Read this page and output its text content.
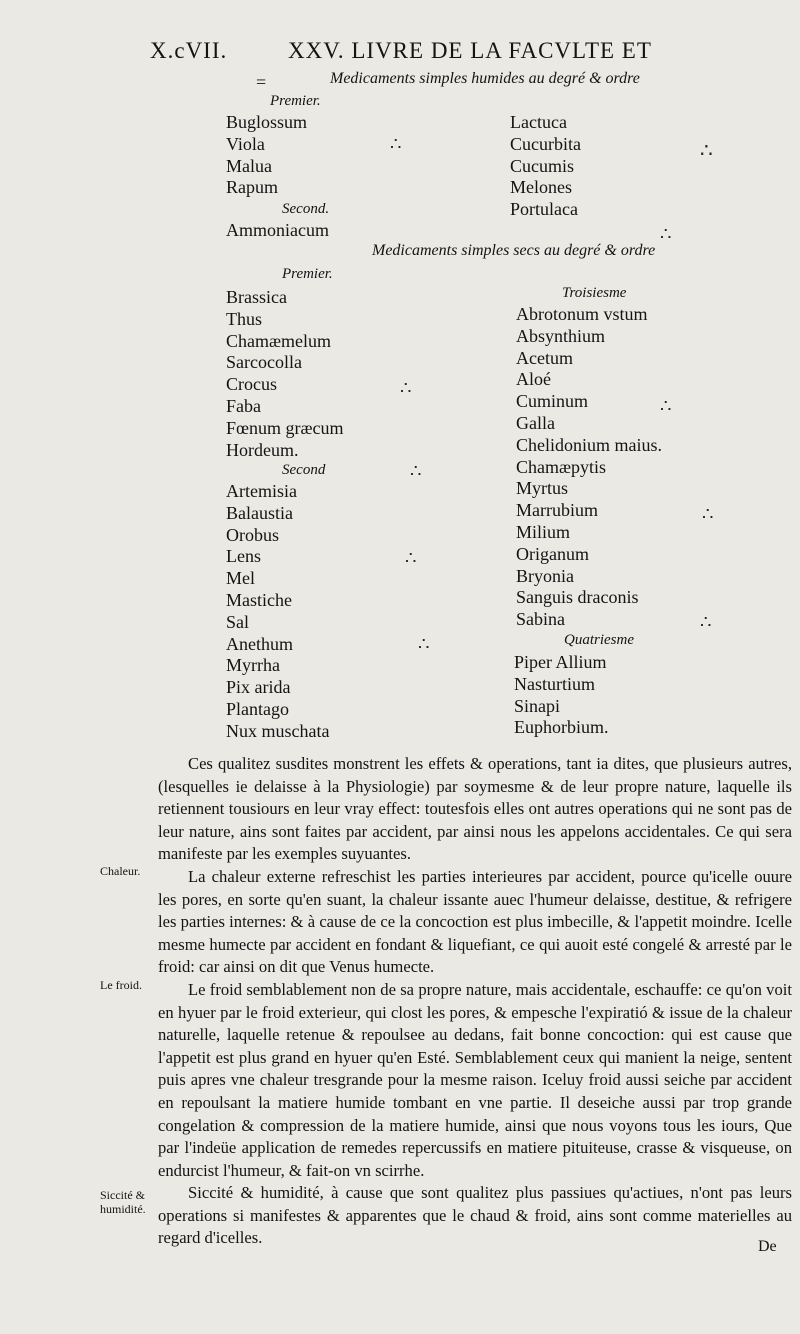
X.cVII.	XXV. LIVRE DE LA FACVLTE ET
=	Medicaments simples humides au degré & ordre
Premier.
Buglossum
Viola
Malua
Rapum
Lactuca
Cucurbita
Cucumis
Melones
Portulaca
Second.
Ammoniacum
Medicaments simples secs au degré & ordre
Premier.
Brassica
Thus
Chamæmelum
Sarcocolla
Crocus
Faba
Fœnum græcum
Hordeum.
Second
Artemisia
Balaustia
Orobus
Lens
Mel
Mastiche
Sal
Anethum
Myrrha
Pix arida
Plantago
Nux muschata
Troisiesme
Abrotonum vstum
Absynthium
Acetum
Aloé
Cuminum
Galla
Chelidonium maius.
Chamæpytis
Myrtus
Marrubium
Milium
Origanum
Bryonia
Sanguis draconis
Sabina
Quatriesme
Piper Allium
Nasturtium
Sinapi
Euphorbium.
∴
∴
∴
∴
∴
∴
∴
∴
∴
∴

Ces qualitez susdites monstrent les effets & operations, tant ia dites, que plusieurs autres, (lesquelles ie delaisse à la Physiologie) par soymesme & de leur propre nature, laquelle ils retiennent tousiours en leur vray effect: toutesfois elles ont autres operations qui ne sont pas de leur nature, ains sont faites par accident, par ainsi nous les appelons accidentales. Ce qui sera manifeste par les exemples suyuantes.

La chaleur externe refreschist les parties interieures par accident, pource qu'icelle ouure les pores, en sorte qu'en suant, la chaleur issante auec l'humeur delaisse, destitue, & refrigere les parties internes: & à cause de ce la concoction est plus imbecille, & l'appetit moindre. Icelle mesme humecte par accident en fondant & liquefiant, ce qui auoit esté congelé & arresté par le froid: car ainsi on dit que Venus humecte.

Le froid semblablement non de sa propre nature, mais accidentale, eschauffe: ce qu'on voit en hyuer par le froid exterieur, qui clost les pores, & empesche l'expiratió & issue de la chaleur naturelle, laquelle retenue & repoulsee au dedans, fait bonne concoction: qui est cause que l'appetit est plus grand en hyuer qu'en Esté. Semblablement ceux qui manient la neige, sentent puis apres vne chaleur tresgrande pour la mesme raison. Iceluy froid aussi seiche par accident en repoulsant la matiere humide tombant en vne partie. Il deseiche aussi par trop grande congelation & compression de la matiere humide, ainsi que nous voyons tous les iours, Que par l'indeüe application de remedes repercussifs en matiere pituiteuse, crasse & visqueuse, on endurcist l'humeur, & fait-on vn scirrhe.

Siccité & humidité, à cause que sont qualitez plus passiues qu'actiues, n'ont pas leurs operations si manifestes & apparentes que le chaud & froid, ains sont comme materielles au regard d'icelles.

Chaleur.
Le froid.
Siccité &
humidité.
De
